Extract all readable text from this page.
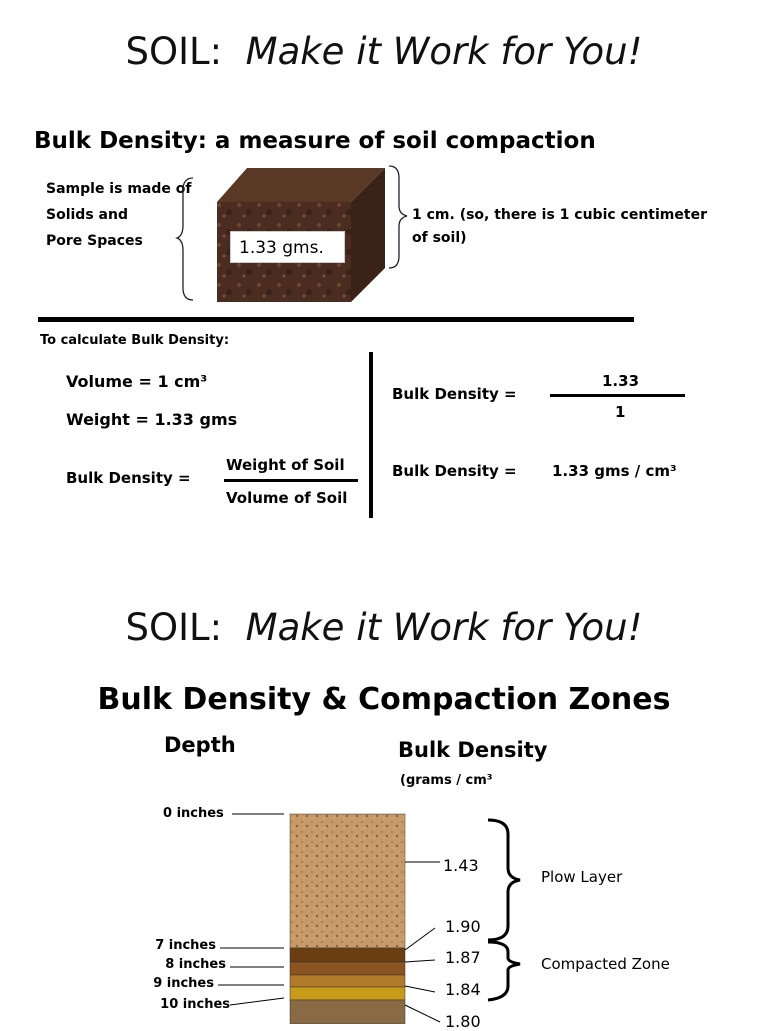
SOIL: Make it Work for You!
Bulk Density: a measure of soil compaction
Sample is made of
Solids and
Pore Spaces	1.33 gms.
1 cm. (so, there is 1 cubic centimeter
of soil)
To calculate Bulk Density:
Volume = 1 cm³
Weight = 1.33 gms
Bulk Density =
Weight of Soil
Volume of Soil
Bulk Density =
1.33
1
Bulk Density = 1.33 gms / cm³
SOIL: Make it Work for You!
Bulk Density & Compaction Zones
Depth	Bulk Density
(grams / cm³
0 inches
7 inches
8 inches
9 inches
10 inches
1.43
1.90
1.87
1.84
1.80
Plow Layer
Compacted Zone
